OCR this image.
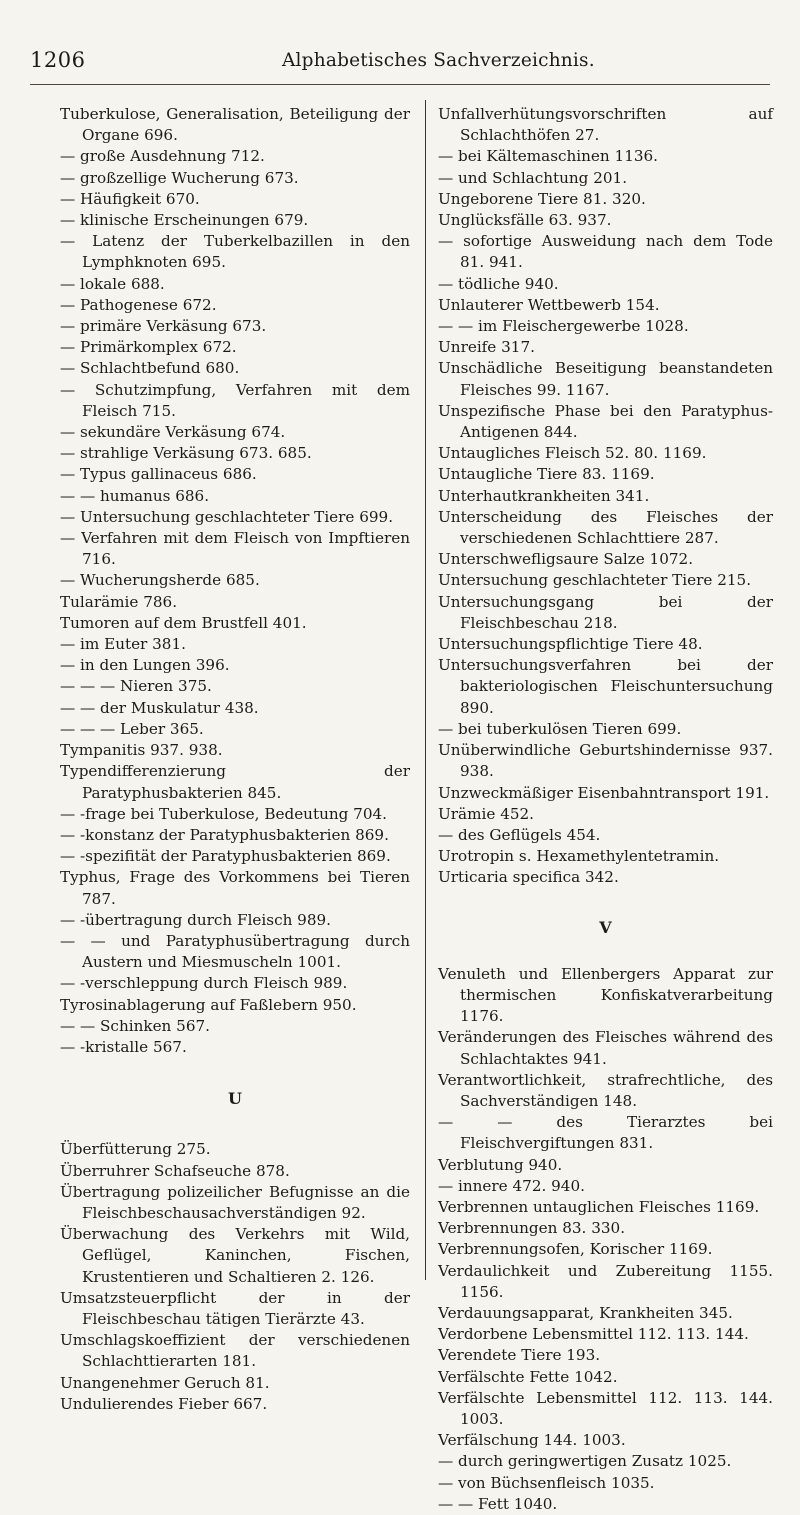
1206	Alphabetisches Sachverzeichnis.

Tuberkulose, Generalisation, Beteiligung der Organe 696.

— große Ausdehnung 712.

— großzellige Wucherung 673.

— Häufigkeit 670.

— klinische Erscheinungen 679.

— Latenz der Tuberkelbazillen in den Lymphknoten 695.

— lokale 688.

— Pathogenese 672.

— primäre Verkäsung 673.

— Primärkomplex 672.

— Schlachtbefund 680.

— Schutzimpfung, Verfahren mit dem Fleisch 715.

— sekundäre Verkäsung 674.

— strahlige Verkäsung 673. 685.

— Typus gallinaceus 686.

— — humanus 686.

— Untersuchung geschlachteter Tiere 699.

— Verfahren mit dem Fleisch von Impftieren 716.

— Wucherungsherde 685.

Tularämie 786.

Tumoren auf dem Brustfell 401.

— im Euter 381.

— in den Lungen 396.

— — — Nieren 375.

— — der Muskulatur 438.

— — — Leber 365.

Tympanitis 937. 938.

Typendifferenzierung der Paratyphusbakterien 845.

— -frage bei Tuberkulose, Bedeutung 704.

— -konstanz der Paratyphusbakterien 869.

— -spezifität der Paratyphusbakterien 869.

Typhus, Frage des Vorkommens bei Tieren 787.

— -übertragung durch Fleisch 989.

— — und Paratyphusübertragung durch Austern und Miesmuscheln 1001.

— -verschleppung durch Fleisch 989.

Tyrosinablagerung auf Faßlebern 950.

— — Schinken 567.

— -kristalle 567.

U

Überfütterung 275.

Überruhrer Schafseuche 878.

Übertragung polizeilicher Befugnisse an die Fleischbeschausachverständigen 92.

Überwachung des Verkehrs mit Wild, Geflügel, Kaninchen, Fischen, Krustentieren und Schaltieren 2. 126.

Umsatzsteuerpflicht der in der Fleischbeschau tätigen Tierärzte 43.

Umschlagskoeffizient der verschiedenen Schlachttierarten 181.

Unangenehmer Geruch 81.

Undulierendes Fieber 667.

Unfallverhütungsvorschriften auf Schlachthöfen 27.

— bei Kältemaschinen 1136.

— und Schlachtung 201.

Ungeborene Tiere 81. 320.

Unglücksfälle 63. 937.

— sofortige Ausweidung nach dem Tode 81. 941.

— tödliche 940.

Unlauterer Wettbewerb 154.

— — im Fleischergewerbe 1028.

Unreife 317.

Unschädliche Beseitigung beanstandeten Fleisches 99. 1167.

Unspezifische Phase bei den Paratyphus-Antigenen 844.

Untaugliches Fleisch 52. 80. 1169.

Untaugliche Tiere 83. 1169.

Unterhautkrankheiten 341.

Unterscheidung des Fleisches der verschiedenen Schlachttiere 287.

Unterschwefligsaure Salze 1072.

Untersuchung geschlachteter Tiere 215.

Untersuchungsgang bei der Fleischbeschau 218.

Untersuchungspflichtige Tiere 48.

Untersuchungsverfahren bei der bakteriologischen Fleischuntersuchung 890.

— bei tuberkulösen Tieren 699.

Unüberwindliche Geburtshindernisse 937. 938.

Unzweckmäßiger Eisenbahntransport 191.

Urämie 452.

— des Geflügels 454.

Urotropin s. Hexamethylentetramin.

Urticaria specifica 342.

V

Venuleth und Ellenbergers Apparat zur thermischen Konfiskatverarbeitung 1176.

Veränderungen des Fleisches während des Schlachtaktes 941.

Verantwortlichkeit, strafrechtliche, des Sachverständigen 148.

— — des Tierarztes bei Fleischvergiftungen 831.

Verblutung 940.

— innere 472. 940.

Verbrennen untauglichen Fleisches 1169.

Verbrennungen 83. 330.

Verbrennungsofen, Korischer 1169.

Verdaulichkeit und Zubereitung 1155. 1156.

Verdauungsapparat, Krankheiten 345.

Verdorbene Lebensmittel 112. 113. 144.

Verendete Tiere 193.

Verfälschte Fette 1042.

Verfälschte Lebensmittel 112. 113. 144. 1003.

Verfälschung 144. 1003.

— durch geringwertigen Zusatz 1025.

— von Büchsenfleisch 1035.

— — Fett 1040.
